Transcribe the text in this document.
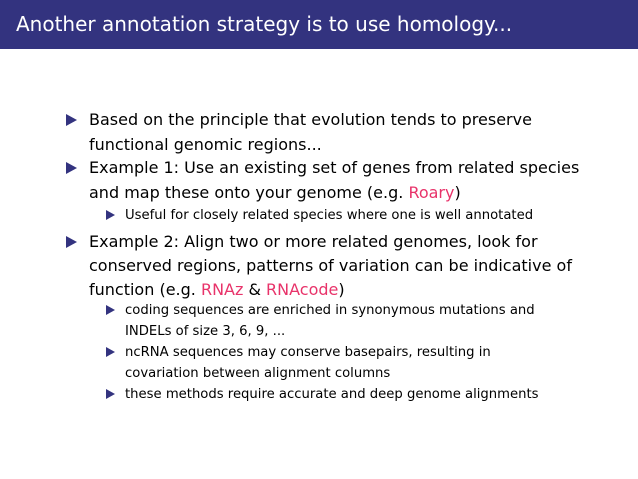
Another annotation strategy is to use homology...
Based on the principle that evolution tends to preserve
functional genomic regions...
Example 1: Use an existing set of genes from related species
and map these onto your genome (e.g. Roary)
Useful for closely related species where one is well annotated
Example 2: Align two or more related genomes, look for
conserved regions, patterns of variation can be indicative of
function (e.g. RNAz & RNAcode)
coding sequences are enriched in synonymous mutations and
INDELs of size 3, 6, 9, ...
ncRNA sequences may conserve basepairs, resulting in
covariation between alignment columns
these methods require accurate and deep genome alignments
